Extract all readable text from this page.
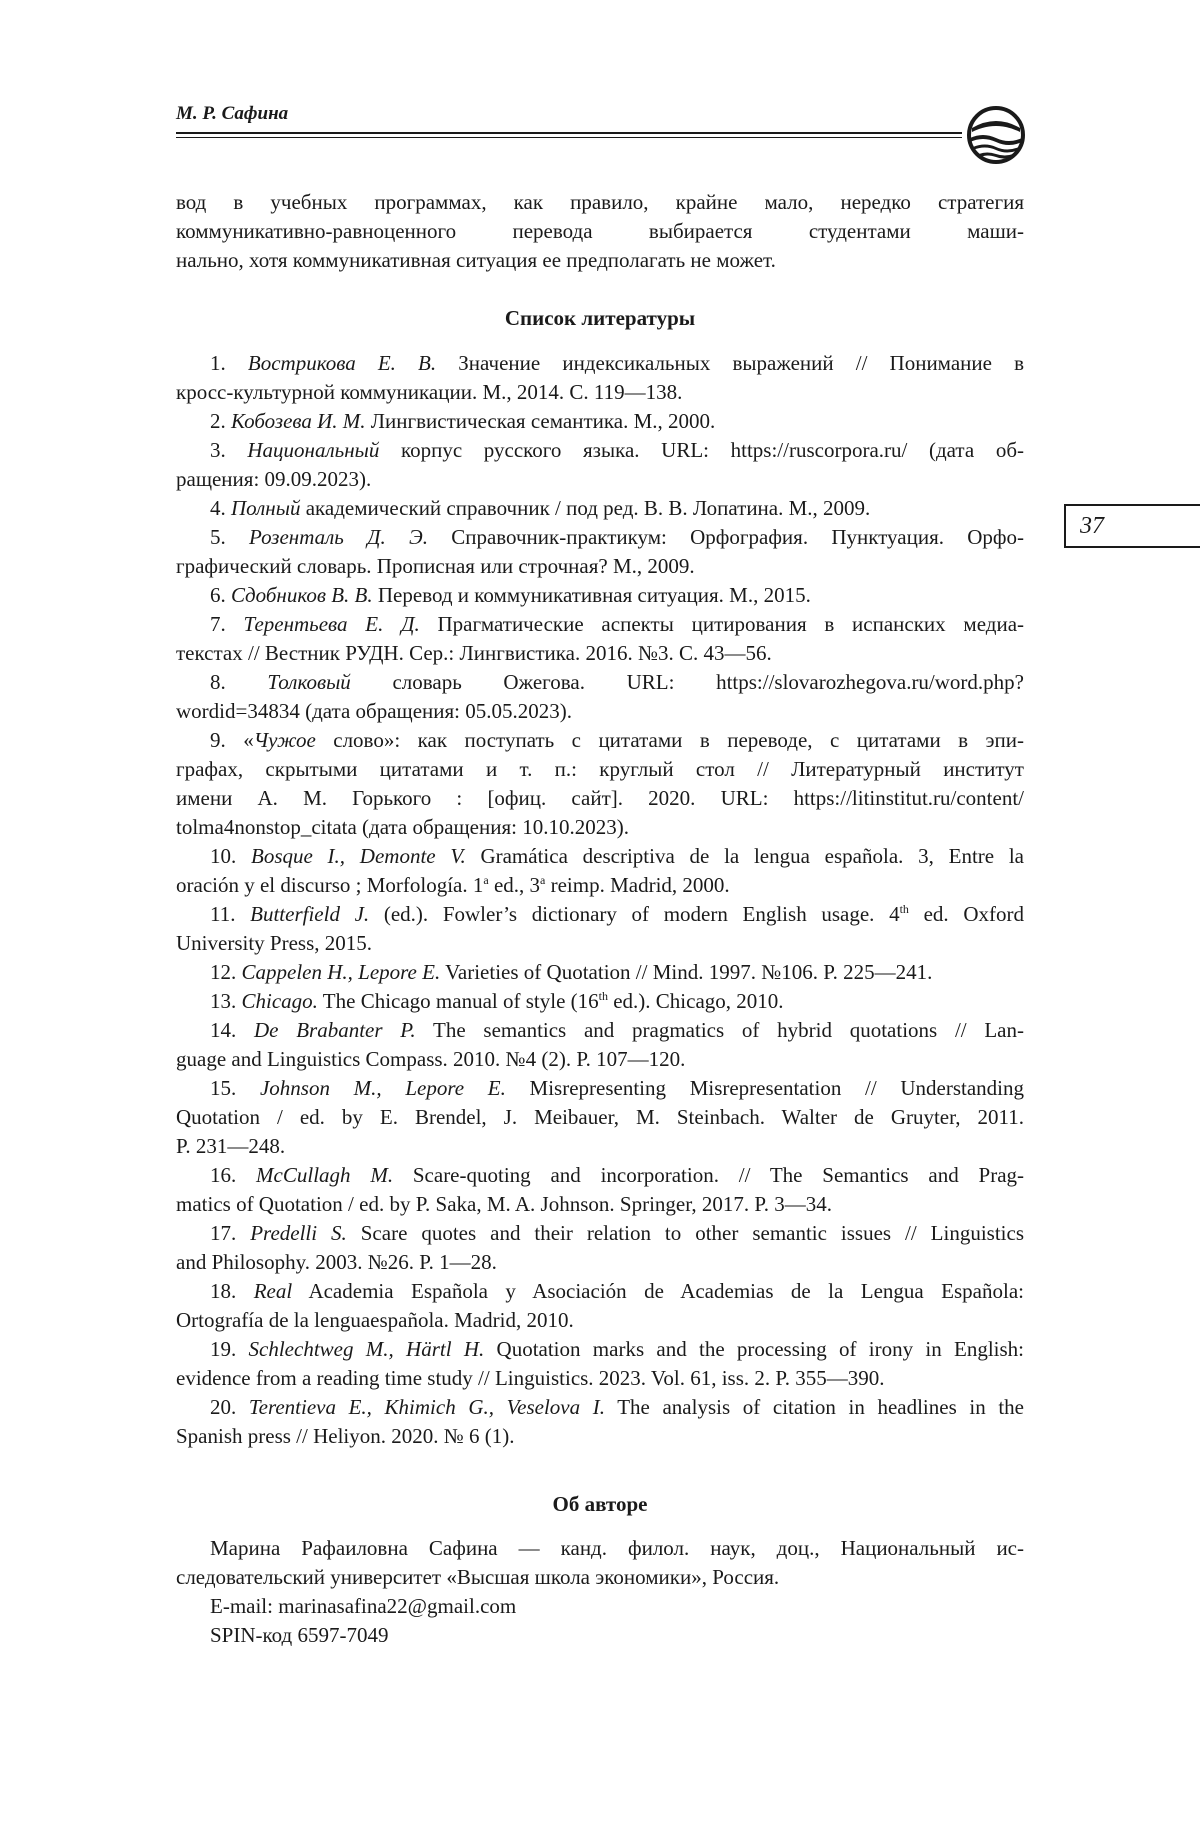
М. Р. Сафина
37
вод в учебных программах, как правило, крайне мало, нередко стратегия
коммуникативно-равноценного перевода выбирается студентами маши-
нально, хотя коммуникативная ситуация ее предполагать не может.
Список литературы
1. Вострикова Е. В. Значение индексикальных выражений // Понимание в
кросс-культурной коммуникации. М., 2014. С. 119—138.
2. Кобозева И. М. Лингвистическая семантика. М., 2000.
3. Национальный корпус русского языка. URL: https://ruscorpora.ru/ (дата об-
ращения: 09.09.2023).
4. Полный академический справочник / под ред. В. В. Лопатина. М., 2009.
5. Розенталь Д. Э. Справочник-практикум: Орфография. Пунктуация. Орфо-
графический словарь. Прописная или строчная? М., 2009.
6. Сдобников В. В. Перевод и коммуникативная ситуация. М., 2015.
7. Терентьева Е. Д. Прагматические аспекты цитирования в испанских медиа-
текстах // Вестник РУДН. Сер.: Лингвистика. 2016. №3. С. 43—56.
8. Толковый словарь Ожегова. URL: https://slovarozhegova.ru/word.php?
wordid=34834 (дата обращения: 05.05.2023).
9. «Чужое слово»: как поступать с цитатами в переводе, с цитатами в эпи-
графах, скрытыми цитатами и т. п.: круглый стол // Литературный институт
имени А. М. Горького : [офиц. сайт]. 2020. URL: https://litinstitut.ru/content/
tolma4nonstop_citata (дата обращения: 10.10.2023).
10. Bosque I., Demonte V. Gramática descriptiva de la lengua española. 3, Entre la
oración y el discurso ; Morfología. 1$^a$ ed., 3$^a$ reimp. Madrid, 2000.
11. Butterfield J. (ed.). Fowler’s dictionary of modern English usage. 4th ed. Oxford
University Press, 2015.
12. Cappelen H., Lepore E. Varieties of Quotation // Mind. 1997. №106. P. 225—241.
13. Chicago. The Chicago manual of style (16th ed.). Chicago, 2010.
14. De Brabanter P. The semantics and pragmatics of hybrid quotations // Lan-
guage and Linguistics Compass. 2010. №4 (2). P. 107—120.
15. Johnson M., Lepore E. Misrepresenting Misrepresentation // Understanding
Quotation / ed. by E. Brendel, J. Meibauer, M. Steinbach. Walter de Gruyter, 2011.
P. 231—248.
16. McCullagh M. Scare-quoting and incorporation. // The Semantics and Prag-
matics of Quotation / ed. by P. Saka, M. A. Johnson. Springer, 2017. P. 3—34.
17. Predelli S. Scare quotes and their relation to other semantic issues // Linguistics
and Philosophy. 2003. №26. P. 1—28.
18. Real Academia Española y Asociación de Academias de la Lengua Española:
Ortografía de la lenguaespañola. Madrid, 2010.
19. Schlechtweg M., Härtl H. Quotation marks and the processing of irony in English:
evidence from a reading time study // Linguistics. 2023. Vol. 61, iss. 2. P. 355—390.
20. Terentieva E., Khimich G., Veselova I. The analysis of citation in headlines in the
Spanish press // Heliyon. 2020. № 6 (1).
Об авторе
Марина Рафаиловна Сафина — канд. филол. наук, доц., Национальный ис-
следовательский университет «Высшая школа экономики», Россия.
E-mail: marinasafina22@gmail.com
SPIN-код 6597-7049
